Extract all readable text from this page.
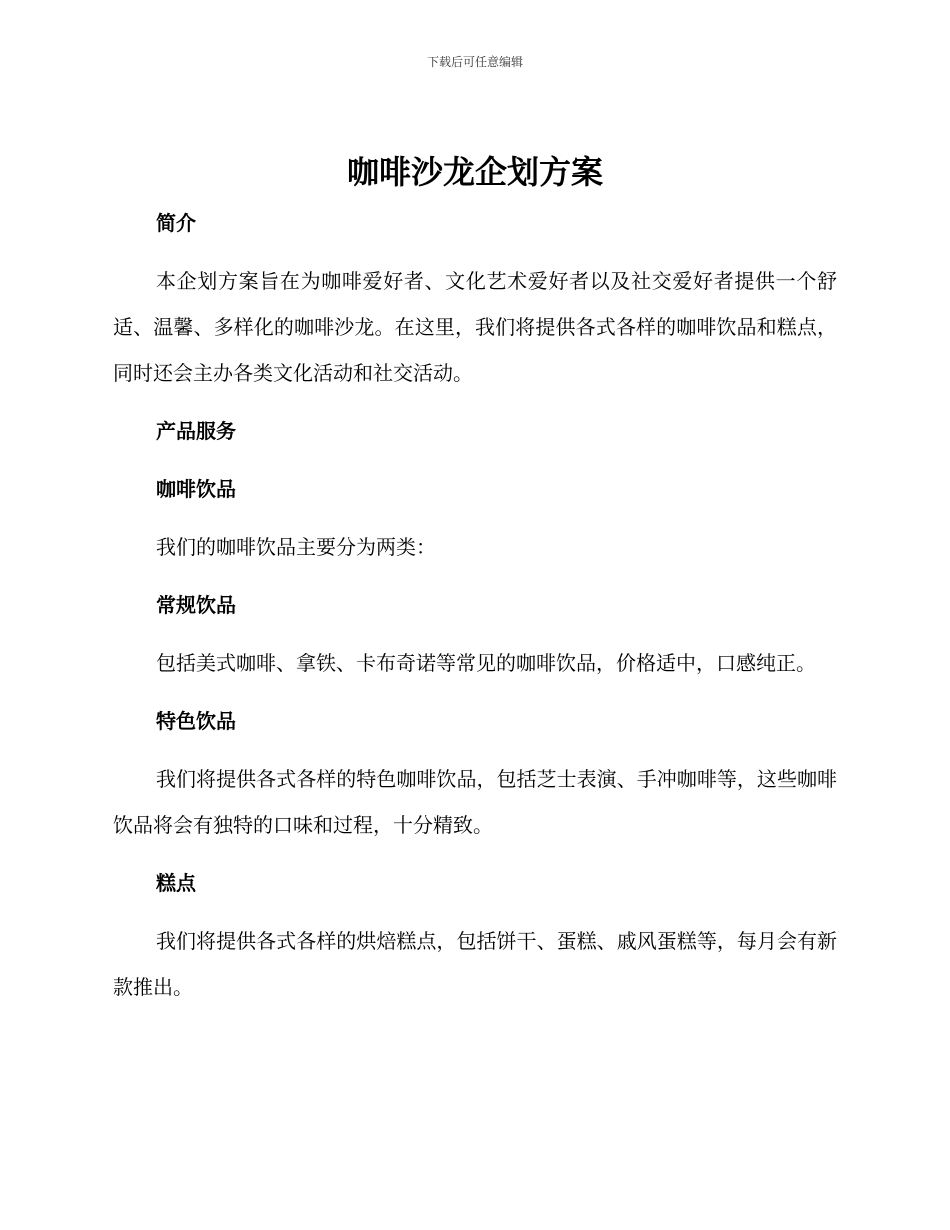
下载后可任意编辑
咖啡沙龙企划方案
简介

本企划方案旨在为咖啡爱好者、文化艺术爱好者以及社交爱好者提供一个舒适、温馨、多样化的咖啡沙龙。在这里，我们将提供各式各样的咖啡饮品和糕点，同时还会主办各类文化活动和社交活动。

产品服务
咖啡饮品

我们的咖啡饮品主要分为两类：

常规饮品

包括美式咖啡、拿铁、卡布奇诺等常见的咖啡饮品，价格适中，口感纯正。

特色饮品

我们将提供各式各样的特色咖啡饮品，包括芝士表演、手冲咖啡等，这些咖啡饮品将会有独特的口味和过程，十分精致。

糕点

我们将提供各式各样的烘焙糕点，包括饼干、蛋糕、戚风蛋糕等，每月会有新款推出。
